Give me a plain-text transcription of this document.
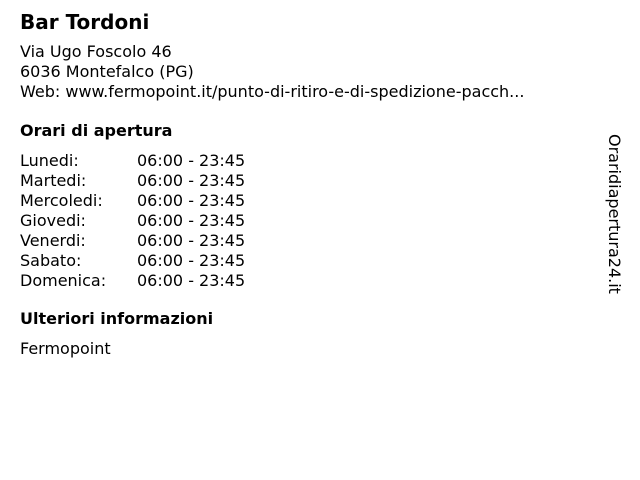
Bar Tordoni
Via Ugo Foscolo 46
6036 Montefalco (PG)
Web: www.fermopoint.it/punto-di-ritiro-e-di-spedizione-pacch...
Orari di apertura
Lunedi:	06:00 - 23:45
Martedi:	06:00 - 23:45
Mercoledi:	06:00 - 23:45
Giovedi:	06:00 - 23:45
Venerdi:	06:00 - 23:45
Sabato:	06:00 - 23:45
Domenica:	06:00 - 23:45
Ulteriori informazioni
Fermopoint
Oraridiapertura24.it
